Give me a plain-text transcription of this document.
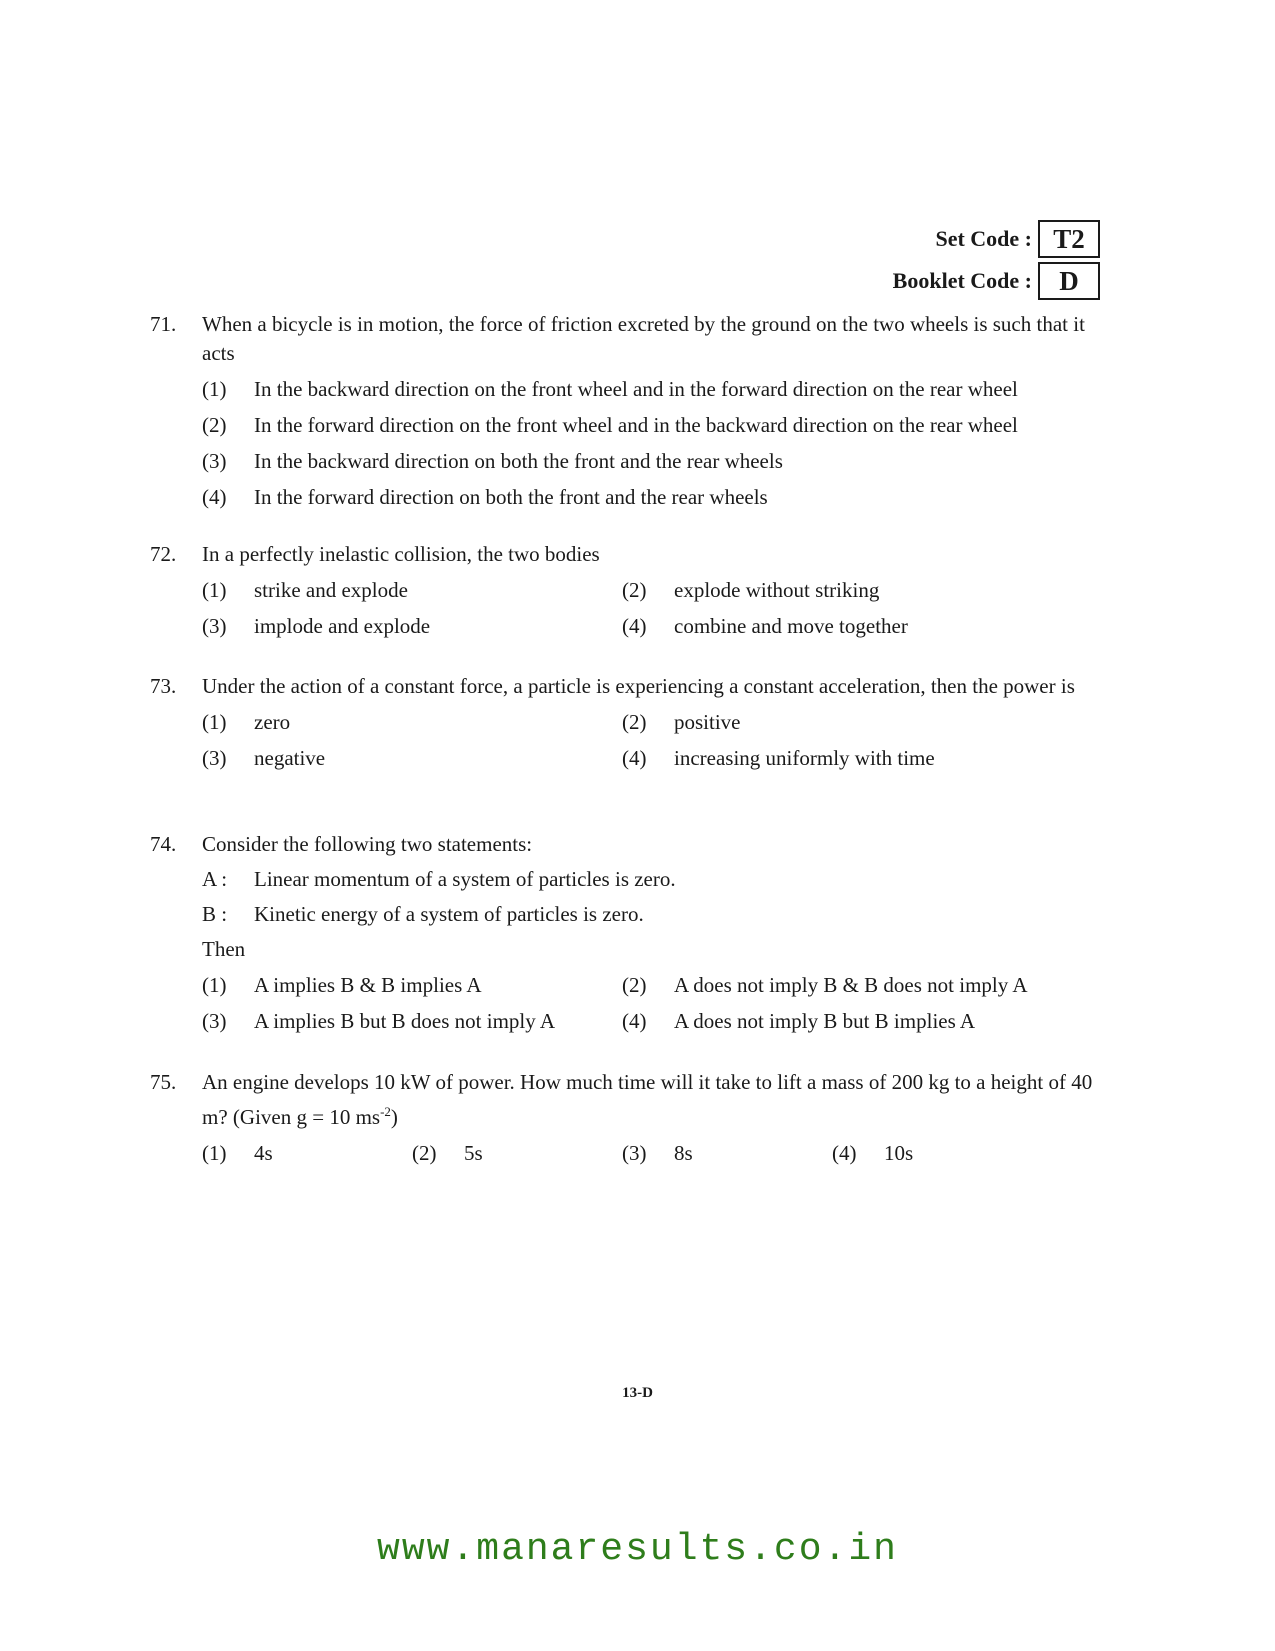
Set Code : T2
Booklet Code :	D
71.	When a bicycle is in motion, the force of friction excreted by the ground on the two wheels is such that it acts
(1)	In the backward direction on the front wheel and in the forward direction on the rear wheel
(2)	In the forward direction on the front wheel and in the backward direction on the rear wheel
(3)	In the backward direction on both the front and the rear wheels
(4)	In the forward direction on both the front and the rear wheels
72.	In a perfectly inelastic collision, the two bodies
(1)	strike and explode	(2)	explode without striking
(3)	implode and explode	(4)	combine and move together
73.	Under the action of a constant force, a particle is experiencing a constant acceleration, then the power is
(1)	zero	(2)	positive
(3)	negative	(4)	increasing uniformly with time
74.	Consider the following two statements:
A :	Linear momentum of a system of particles is zero.
B :	Kinetic energy of a system of particles is zero.
Then
(1)	A implies B & B implies A	(2)	A does not imply B & B does not imply A
(3)	A implies B but B does not imply A	(4)	A does not imply B but B implies A
75.	An engine develops 10 kW of power. How much time will it take to lift a mass of 200 kg to a height of 40 m? (Given g = 10 $ms^{-2}$)
(1)	4s	(2)	5s	(3)	8s	(4)	10s
13-D
www.manaresults.co.in
